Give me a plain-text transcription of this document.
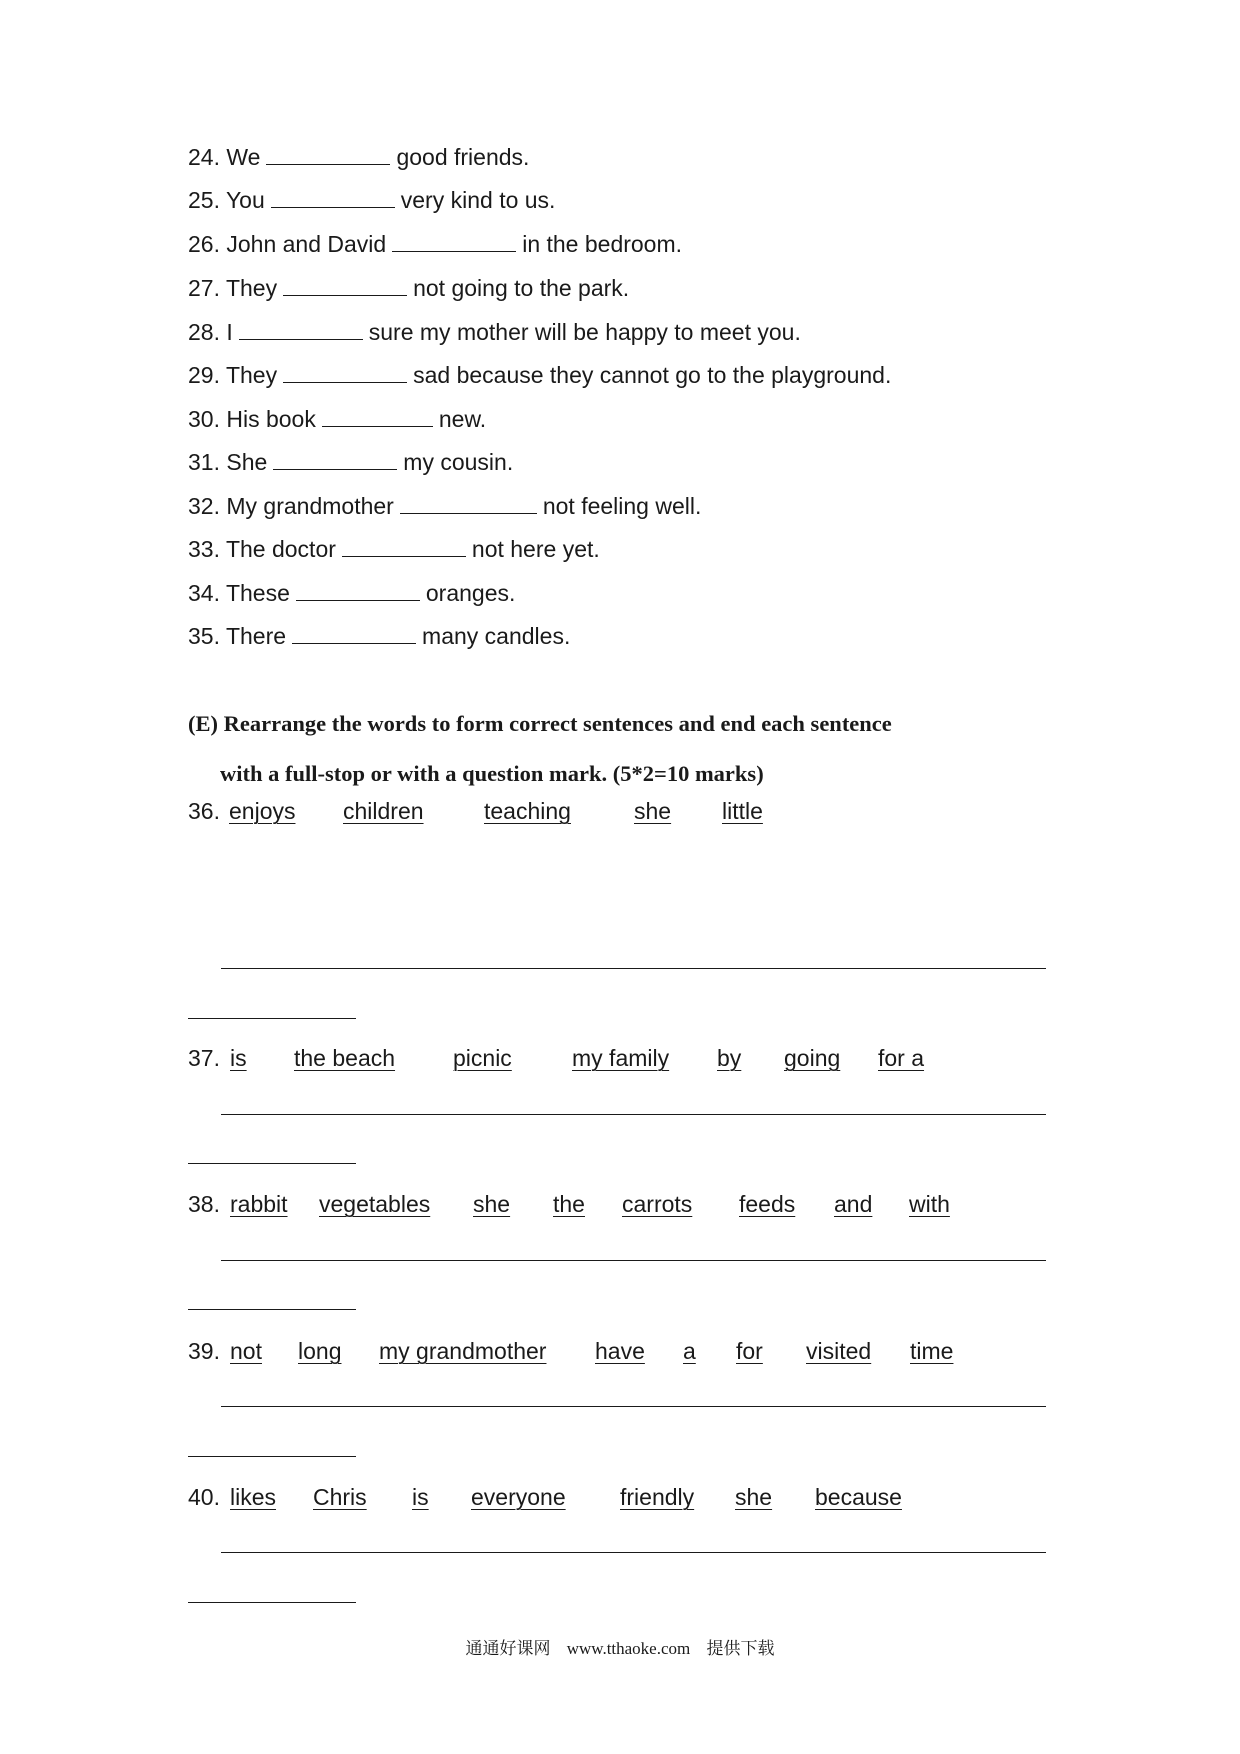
24. We	good friends.
25. You	very kind to us.
26. John and David	in the bedroom.
27. They	not going to the park.
28. I	sure my mother will be happy to meet you.
29. They	sad because they cannot go to the playground.
30. His book	new.
31. She	my cousin.
32. My grandmother	not feeling well.
33. The doctor	not here yet.
34. These	oranges.
35. There	many candles.
(E) Rearrange the words to form correct sentences and end each sentence
with a full-stop or with a question mark. (5*2=10 marks)
36. enjoys children	teaching	she little
37. is the beach	picnic	my family by going for a
38. rabbit vegetables she the carrots feeds and with
39. not long my grandmother have a for visited time
40. likes Chris is everyone friendly she because
通通好课网 www.tthaoke.com 提供下载
